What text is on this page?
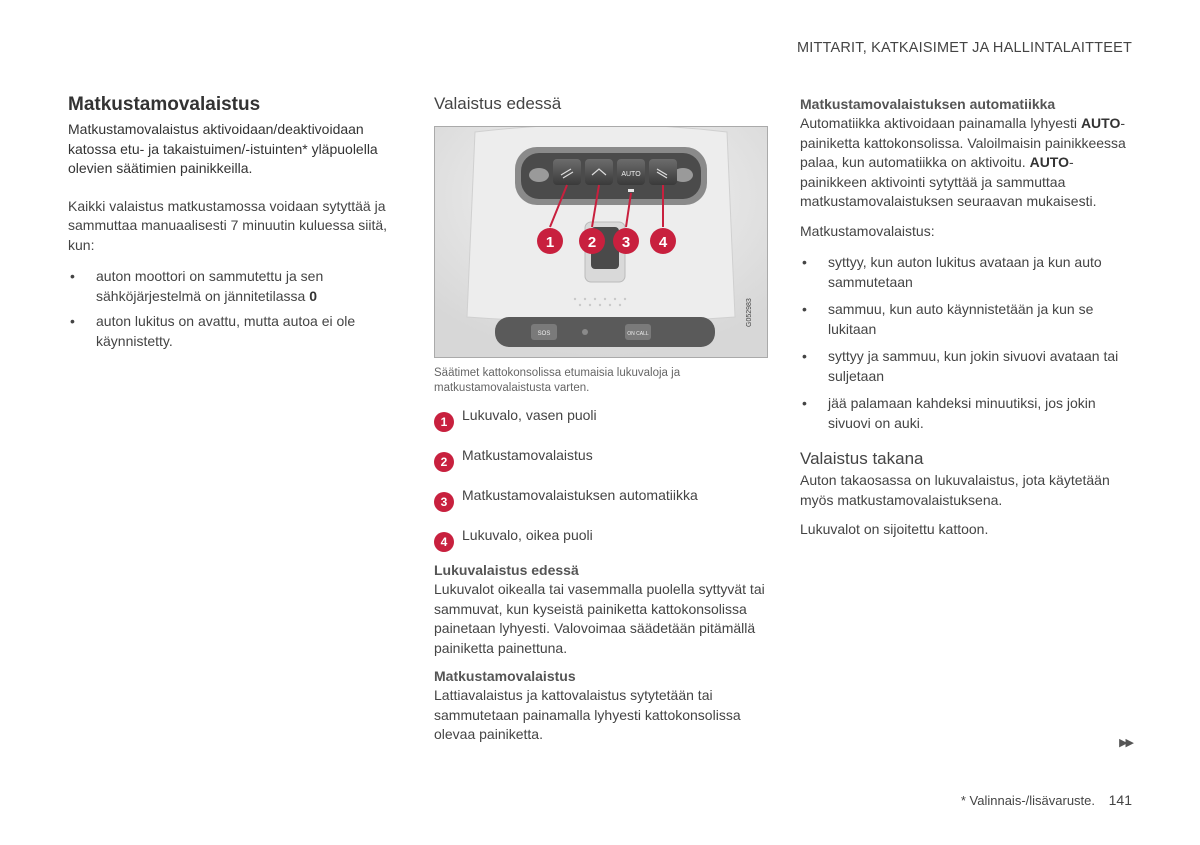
MITTARIT, KATKAISIMET JA HALLINTALAITTEET
Matkustamovalaistus

Matkustamovalaistus aktivoidaan/deaktivoidaan katossa etu- ja takaistuimen/-istuinten* yläpuolella olevien säätimien painikkeilla.

Kaikki valaistus matkustamossa voidaan sytyttää ja sammuttaa manuaalisesti 7 minuutin kuluessa siitä, kun:

• auton moottori on sammutettu ja sen sähköjärjestelmä on jännitetilassa 0
• auton lukitus on avattu, mutta autoa ei ole käynnistetty.
Valaistus edessä
AUTO
SOS	ON CALL
G052983
1 2 3 4
Säätimet kattokonsolissa etumaisia lukuvaloja ja matkustamovalaistusta varten.
1	Lukuvalo, vasen puoli
2	Matkustamovalaistus
3	Matkustamovalaistuksen automatiikka
4	Lukuvalo, oikea puoli
Lukuvalaistus edessä

Lukuvalot oikealla tai vasemmalla puolella syttyvät tai sammuvat, kun kyseistä painiketta kattokonsolissa painetaan lyhyesti. Valovoimaa säädetään pitämällä painiketta painettuna.

Matkustamovalaistus

Lattiavalaistus ja kattovalaistus sytytetään tai sammutetaan painamalla lyhyesti kattokonsolissa olevaa painiketta.

Matkustamovalaistuksen automatiikka

Automatiikka aktivoidaan painamalla lyhyesti AUTO-painiketta kattokonsolissa. Valoilmaisin painikkeessa palaa, kun automatiikka on aktivoitu. AUTO-painikkeen aktivointi sytyttää ja sammuttaa matkustamovalaistuksen seuraavan mukaisesti.

Matkustamovalaistus:

• syttyy, kun auton lukitus avataan ja kun auto sammutetaan
• sammuu, kun auto käynnistetään ja kun se lukitaan
• syttyy ja sammuu, kun jokin sivuovi avataan tai suljetaan
• jää palamaan kahdeksi minuutiksi, jos jokin sivuovi on auki.
Valaistus takana

Auton takaosassa on lukuvalaistus, jota käytetään myös matkustamovalaistuksena.

Lukuvalot on sijoitettu kattoon.

▶▶
* Valinnais-/lisävaruste. 141
